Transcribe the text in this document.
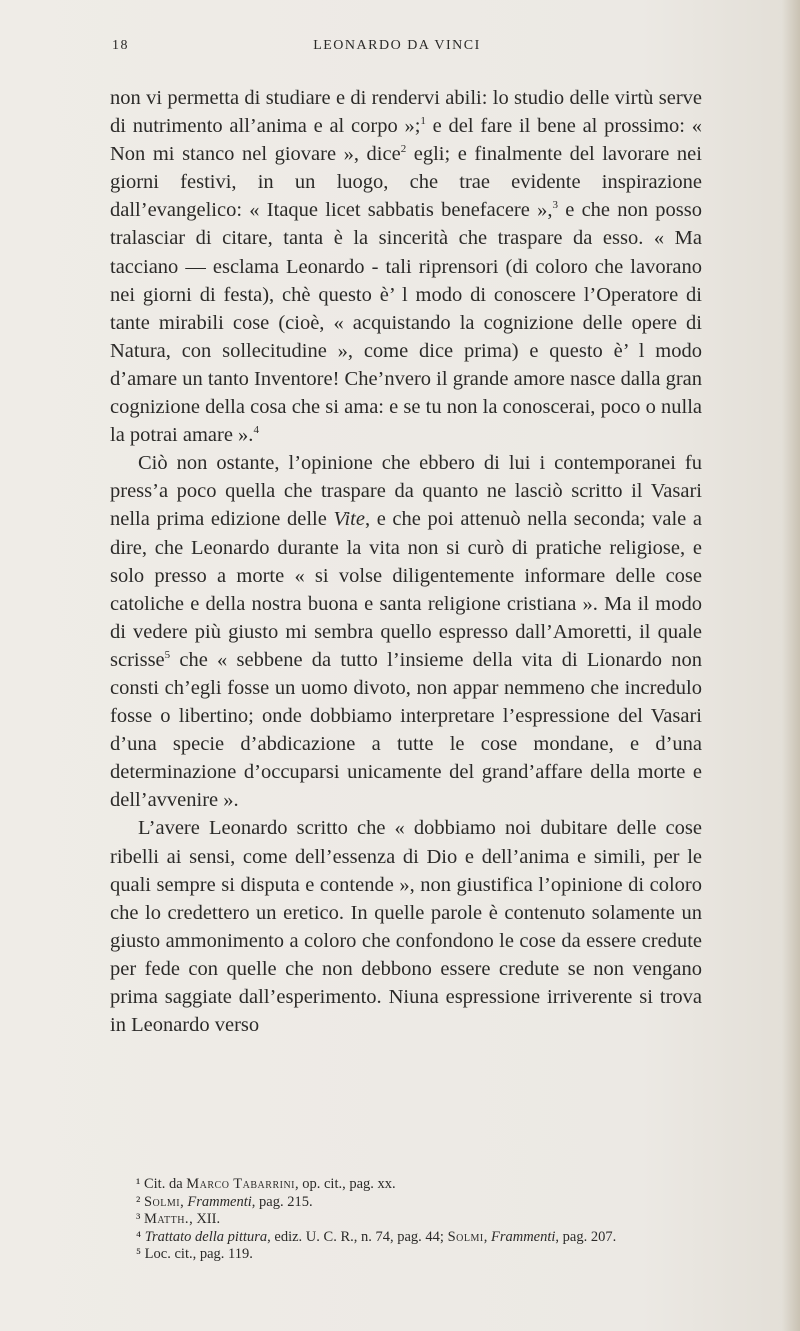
18	LEONARDO DA VINCI

non vi permetta di studiare e di rendervi abili: lo studio delle virtù serve di nutrimento all’anima e al corpo »;$^1$ e del fare il bene al prossimo: « Non mi stanco nel giovare », dice$^2$ egli; e finalmente del lavorare nei giorni festivi, in un luogo, che trae evidente inspirazione dall’evangelico: « Itaque licet sabbatis benefacere »,$^3$ e che non posso tralasciar di citare, tanta è la sincerità che traspare da esso. « Ma tacciano — esclama Leonardo - tali riprensori (di coloro che lavorano nei giorni di festa), chè questo è’ l modo di conoscere l’Operatore di tante mirabili cose (cioè, « acquistando la cognizione delle opere di Natura, con sollecitudine », come dice prima) e questo è’ l modo d’amare un tanto Inventore! Che’nvero il grande amore nasce dalla gran cognizione della cosa che si ama: e se tu non la conoscerai, poco o nulla la potrai amare ».$^4$

Ciò non ostante, l’opinione che ebbero di lui i contemporanei fu press’a poco quella che traspare da quanto ne lasciò scritto il Vasari nella prima edizione delle Vite, e che poi attenuò nella seconda; vale a dire, che Leonardo durante la vita non si curò di pratiche religiose, e solo presso a morte « si volse diligentemente informare delle cose catoliche e della nostra buona e santa religione cristiana ». Ma il modo di vedere più giusto mi sembra quello espresso dall’Amoretti, il quale scrisse$^5$ che « sebbene da tutto l’insieme della vita di Lionardo non consti ch’egli fosse un uomo divoto, non appar nemmeno che incredulo fosse o libertino; onde dobbiamo interpretare l’espressione del Vasari d’una specie d’abdicazione a tutte le cose mondane, e d’una determinazione d’occuparsi unicamente del grand’affare della morte e dell’avvenire ».

L’avere Leonardo scritto che « dobbiamo noi dubitare delle cose ribelli ai sensi, come dell’essenza di Dio e dell’anima e simili, per le quali sempre si disputa e contende », non giustifica l’opinione di coloro che lo credettero un eretico. In quelle parole è contenuto solamente un giusto ammonimento a coloro che confondono le cose da essere credute per fede con quelle che non debbono essere credute se non vengano prima saggiate dall’esperimento. Niuna espressione irriverente si trova in Leonardo verso

¹ Cit. da Marco Tabarrini, op. cit., pag. xx.
² Solmi, Frammenti, pag. 215.
³ Matth., XII.
⁴ Trattato della pittura, ediz. U. C. R., n. 74, pag. 44; Solmi, Frammenti, pag. 207.
⁵ Loc. cit., pag. 119.
